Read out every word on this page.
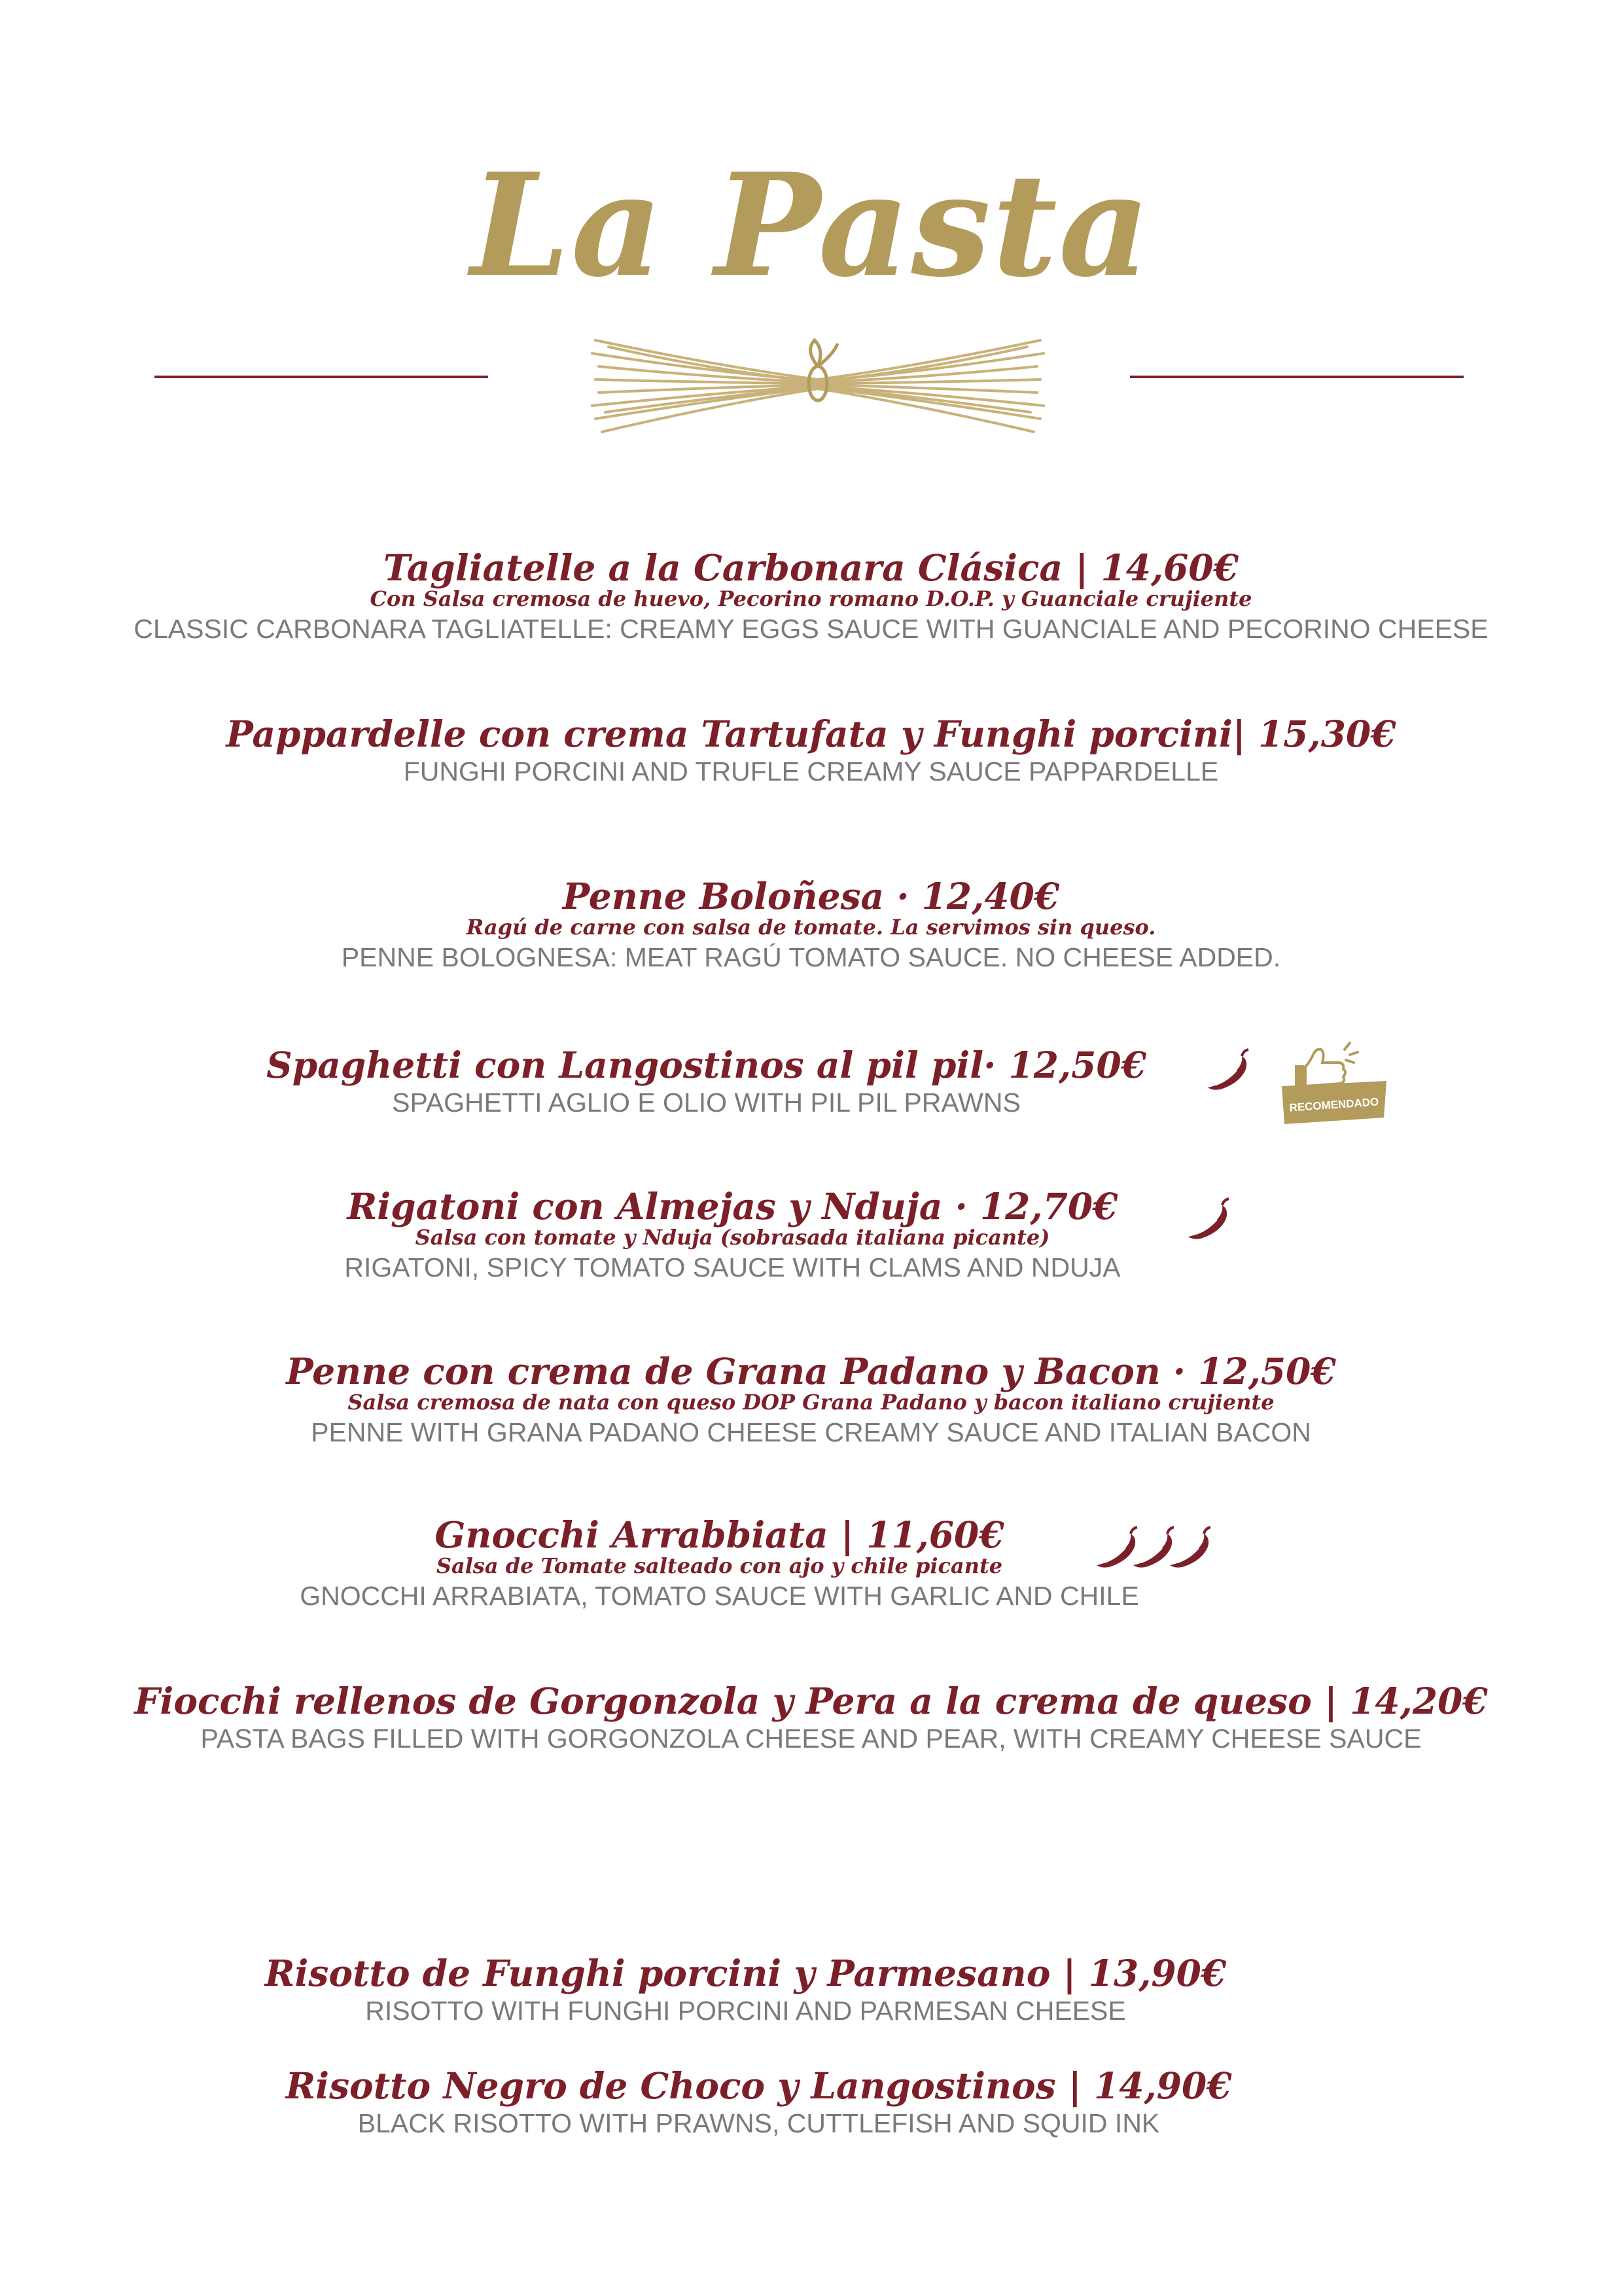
La Pasta
Tagliatelle a la Carbonara Clásica | 14,60€
Con Salsa cremosa de huevo, Pecorino romano D.O.P. y Guanciale crujiente
CLASSIC CARBONARA TAGLIATELLE: CREAMY EGGS SAUCE WITH GUANCIALE AND PECORINO CHEESE
Pappardelle con crema Tartufata y Funghi porcini| 15,30€
FUNGHI PORCINI AND TRUFLE CREAMY SAUCE PAPPARDELLE
Penne Boloñesa · 12,40€
Ragú de carne con salsa de tomate. La servimos sin queso.
PENNE BOLOGNESA: MEAT RAGÚ TOMATO SAUCE. NO CHEESE ADDED.
Spaghetti con Langostinos al pil pil· 12,50€
SPAGHETTI AGLIO E OLIO WITH PIL PIL PRAWNS
Rigatoni con Almejas y Nduja · 12,70€
Salsa con tomate y Nduja (sobrasada italiana picante)
RIGATONI, SPICY TOMATO SAUCE WITH CLAMS AND NDUJA
Penne con crema de Grana Padano y Bacon · 12,50€
Salsa cremosa de nata con queso DOP Grana Padano y bacon italiano crujiente
PENNE WITH GRANA PADANO CHEESE CREAMY SAUCE AND ITALIAN BACON
Gnocchi Arrabbiata | 11,60€
Salsa de Tomate salteado con ajo y chile picante
GNOCCHI ARRABIATA, TOMATO SAUCE WITH GARLIC AND CHILE
Fiocchi rellenos de Gorgonzola y Pera a la crema de queso | 14,20€
PASTA BAGS FILLED WITH GORGONZOLA CHEESE AND PEAR, WITH CREAMY CHEESE SAUCE
Risotto de Funghi porcini y Parmesano | 13,90€
RISOTTO WITH FUNGHI PORCINI AND PARMESAN CHEESE
Risotto Negro de Choco y Langostinos | 14,90€
BLACK RISOTTO WITH PRAWNS, CUTTLEFISH AND SQUID INK
RECOMENDADO
